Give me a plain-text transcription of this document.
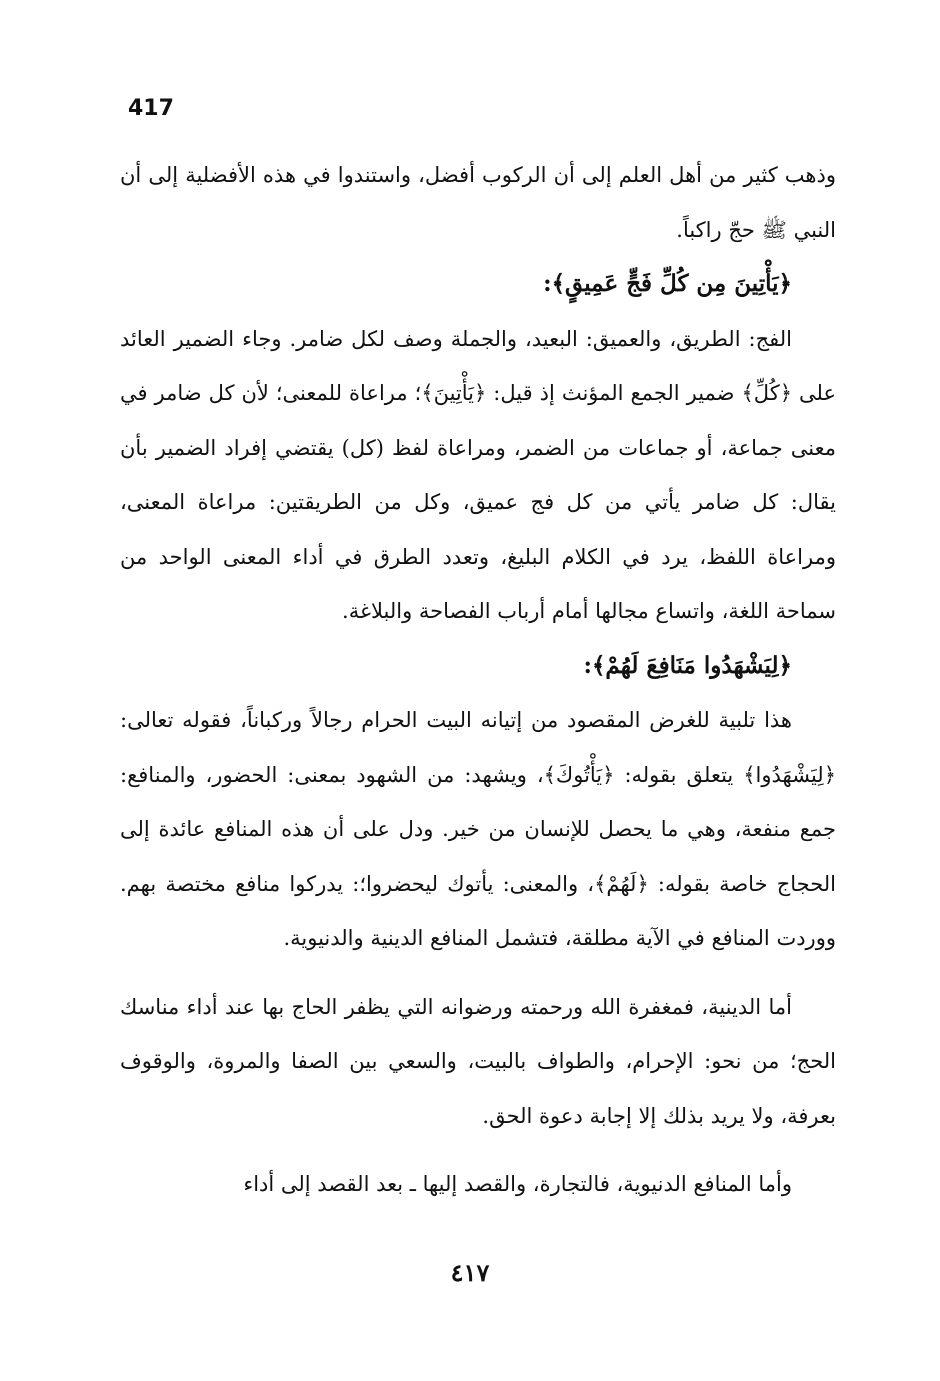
417

وذهب كثير من أهل العلم إلى أن الركوب أفضل، واستندوا في هذه الأفضلية إلى أن النبي ﷺ حجّ راكباً.

﴿يَأْتِينَ مِن كُلِّ فَجٍّ عَمِيقٍ﴾:

الفج: الطريق، والعميق: البعيد، والجملة وصف لكل ضامر. وجاء الضمير العائد على ﴿كُلِّ﴾ ضمير الجمع المؤنث إذ قيل: ﴿يَأْتِينَ﴾؛ مراعاة للمعنى؛ لأن كل ضامر في معنى جماعة، أو جماعات من الضمر، ومراعاة لفظ (كل) يقتضي إفراد الضمير بأن يقال: كل ضامر يأتي من كل فج عميق، وكل من الطريقتين: مراعاة المعنى، ومراعاة اللفظ، يرد في الكلام البليغ، وتعدد الطرق في أداء المعنى الواحد من سماحة اللغة، واتساع مجالها أمام أرباب الفصاحة والبلاغة.

﴿لِيَشْهَدُوا مَنَافِعَ لَهُمْ﴾:

هذا تلبية للغرض المقصود من إتيانه البيت الحرام رجالاً وركباناً، فقوله تعالى: ﴿لِيَشْهَدُوا﴾ يتعلق بقوله: ﴿يَأْتُوكَ﴾، ويشهد: من الشهود بمعنى: الحضور، والمنافع: جمع منفعة، وهي ما يحصل للإنسان من خير. ودل على أن هذه المنافع عائدة إلى الحجاج خاصة بقوله: ﴿لَهُمْ﴾، والمعنى: يأتوك ليحضروا؛: يدركوا منافع مختصة بهم. ووردت المنافع في الآية مطلقة، فتشمل المنافع الدينية والدنيوية.

أما الدينية، فمغفرة الله ورحمته ورضوانه التي يظفر الحاج بها عند أداء مناسك الحج؛ من نحو: الإحرام، والطواف بالبيت، والسعي بين الصفا والمروة، والوقوف بعرفة، ولا يريد بذلك إلا إجابة دعوة الحق.

وأما المنافع الدنيوية، فالتجارة، والقصد إليها ـ بعد القصد إلى أداء

٤١٧
